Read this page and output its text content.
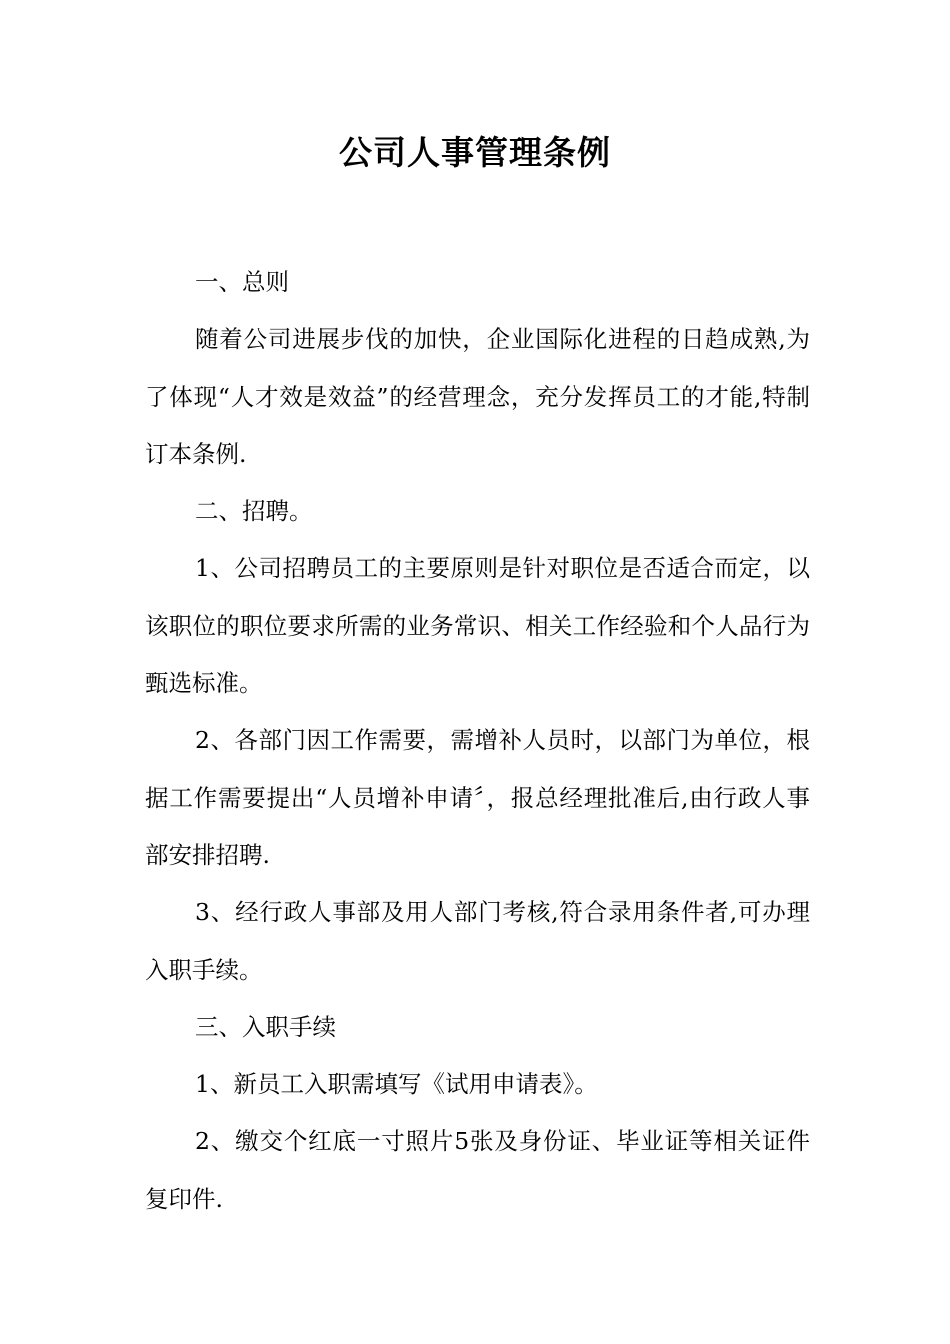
公司人事管理条例

一、总则

随着公司进展步伐的加快，企业国际化进程的日趋成熟,为了体现“人才效是效益”的经营理念，充分发挥员工的才能,特制订本条例.

二、招聘。

1、公司招聘员工的主要原则是针对职位是否适合而定，以该职位的职位要求所需的业务常识、相关工作经验和个人品行为甄选标准。

2、各部门因工作需要，需增补人员时，以部门为单位，根据工作需要提出“人员增补申请〞，报总经理批准后,由行政人事部安排招聘.

3、经行政人事部及用人部门考核,符合录用条件者,可办理入职手续。

三、入职手续

1、新员工入职需填写《试用申请表》。

2、缴交个红底一寸照片5张及身份证、毕业证等相关证件复印件.
